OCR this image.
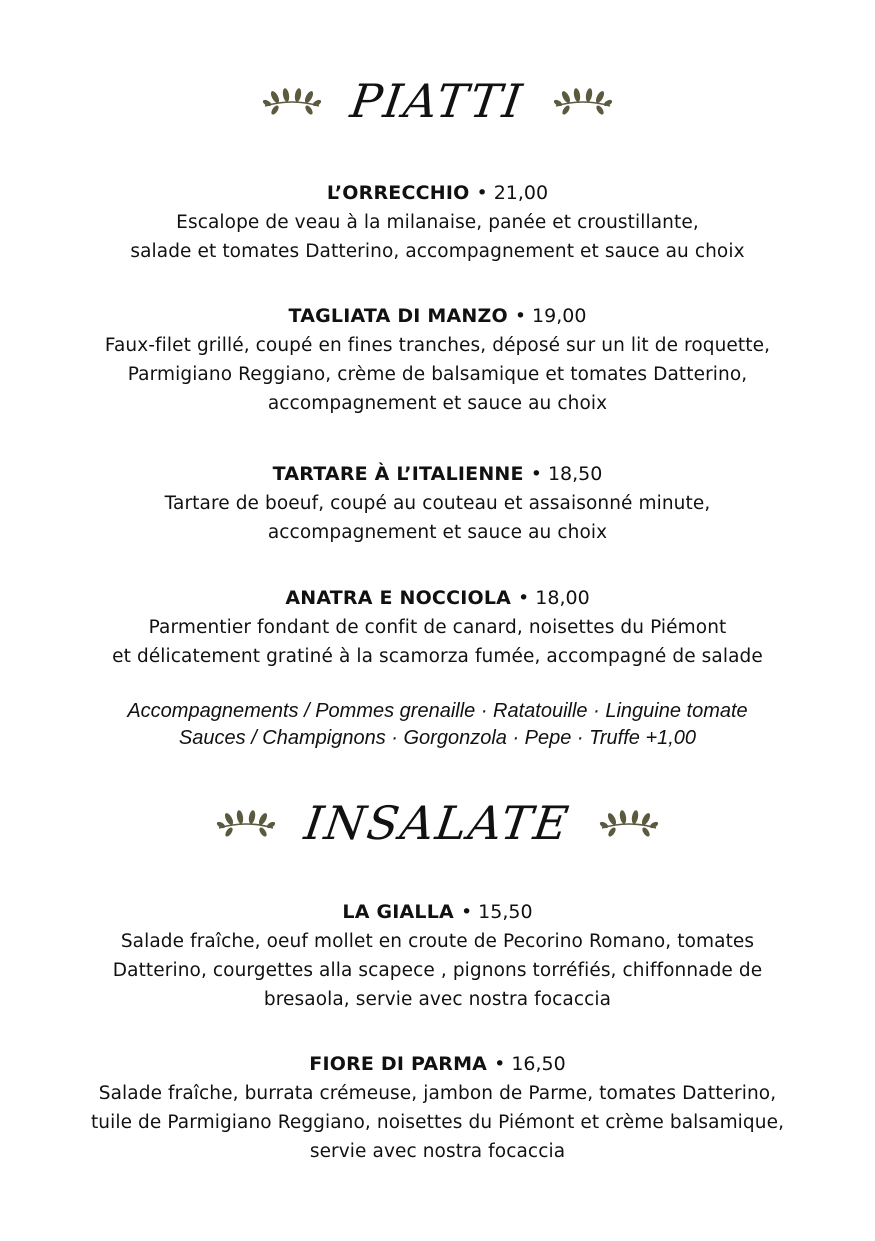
PIATTI
L’ORRECCHIO • 21,00
Escalope de veau à la milanaise, panée et croustillante,
salade et tomates Datterino, accompagnement et sauce au choix
TAGLIATA DI MANZO • 19,00
Faux-filet grillé, coupé en fines tranches, déposé sur un lit de roquette,
Parmigiano Reggiano, crème de balsamique et tomates Datterino,
accompagnement et sauce au choix
TARTARE À L’ITALIENNE • 18,50
Tartare de boeuf, coupé au couteau et assaisonné minute,
accompagnement et sauce au choix
ANATRA E NOCCIOLA • 18,00
Parmentier fondant de confit de canard, noisettes du Piémont
et délicatement gratiné à la scamorza fumée, accompagné de salade
Accompagnements / Pommes grenaille · Ratatouille · Linguine tomate
Sauces / Champignons · Gorgonzola · Pepe · Truffe +1,00
INSALATE
LA GIALLA • 15,50
Salade fraîche, oeuf mollet en croute de Pecorino Romano, tomates
Datterino, courgettes alla scapece , pignons torréfiés, chiffonnade de
bresaola, servie avec nostra focaccia
FIORE DI PARMA • 16,50
Salade fraîche, burrata crémeuse, jambon de Parme, tomates Datterino,
tuile de Parmigiano Reggiano, noisettes du Piémont et crème balsamique,
servie avec nostra focaccia
